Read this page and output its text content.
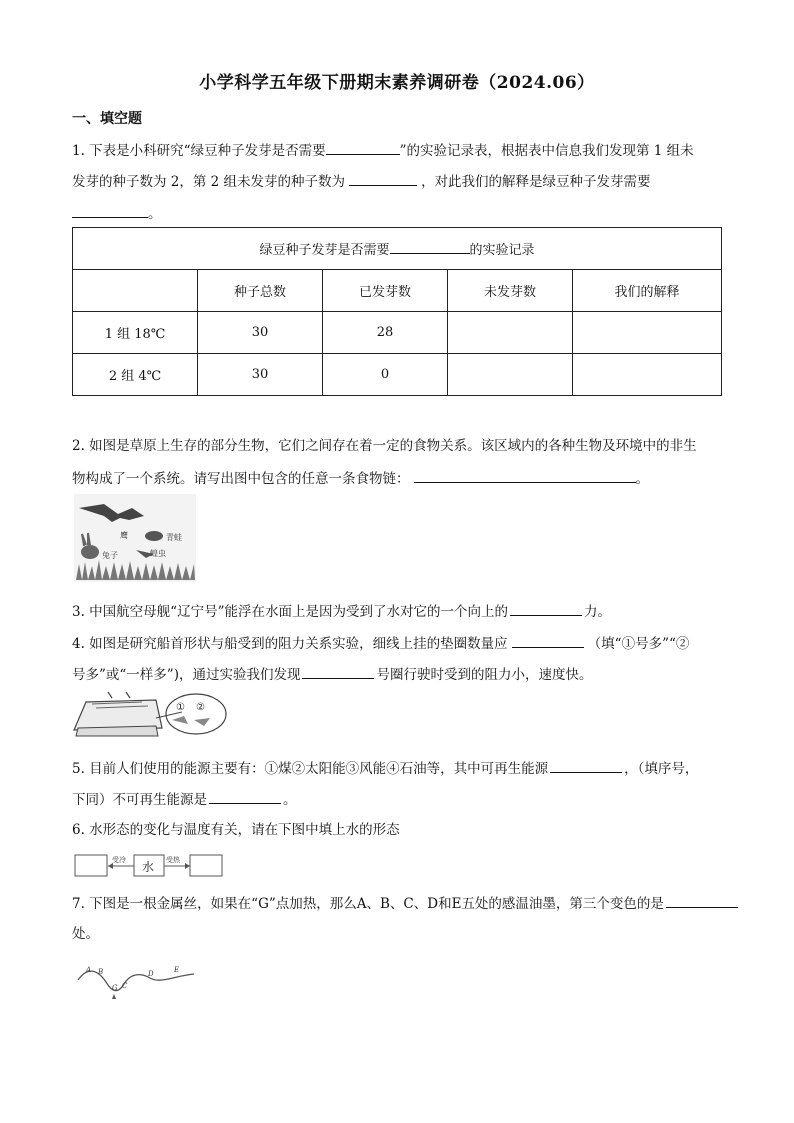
小学科学五年级下册期末素养调研卷（2024.06）
一、填空题
1. 下表是小科研究“绿豆种子发芽是否需要	”的实验记录表，根据表中信息我们发现第 1 组未
发芽的种子数为 2，第 2 组未发芽的种子数为	，对此我们的解释是绿豆种子发芽需要
。
绿豆种子发芽是否需要 的实验记录				
	种子总数	已发芽数	未发芽数	我们的解释
1 组 18℃	30	28		
2 组 4℃	30	0		
2. 如图是草原上生存的部分生物，它们之间存在着一定的食物关系。该区域内的各种生物及环境中的非生
物构成了一个系统。请写出图中包含的任意一条食物链：	。
鹰	青蛙
兔子	蝗虫
3. 中国航空母舰“辽宁号”能浮在水面上是因为受到了水对它的一个向上的	力。
4. 如图是研究船首形状与船受到的阻力关系实验，细线上挂的垫圈数量应	（填“①号多”“②
号多”或“一样多”)，通过实验我们发现	号圈行驶时受到的阻力小，速度快。
① ②
5. 目前人们使用的能源主要有：①煤②太阳能③风能④石油等，其中可再生能源	，（填序号，
下同）不可再生能源是	。
6. 水形态的变化与温度有关，请在下图中填上水的形态
受冷 水 受热
7. 下图是一根金属丝，如果在“G”点加热，那么A、B、C、D和E五处的感温油墨，第三个变色的是
处。
A B
G C
D	E
